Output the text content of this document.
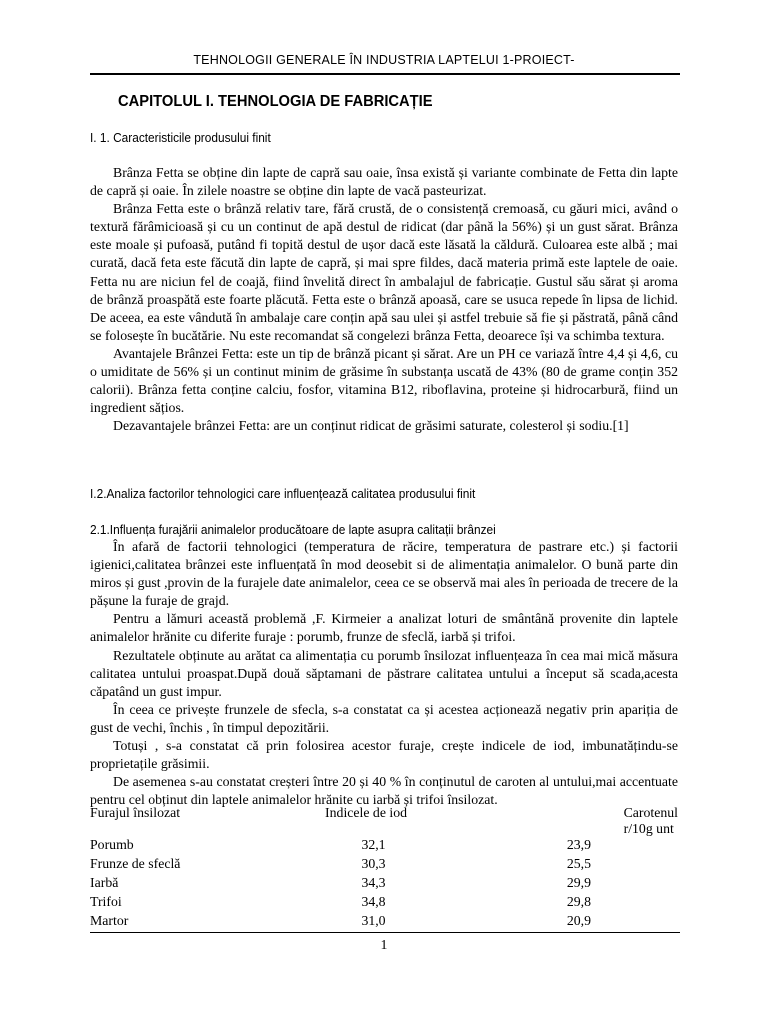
TEHNOLOGII GENERALE ÎN INDUSTRIA LAPTELUI 1-PROIECT-
CAPITOLUL I. TEHNOLOGIA DE FABRICAȚIE
I. 1. Caracteristicile produsului finit

Brânza Fetta se obține din lapte de capră sau oaie, însa există și variante combinate de Fetta din lapte de capră și oaie. În zilele noastre se obține din lapte de vacă pasteurizat.

Brânza Fetta este o brânză relativ tare, fără crustă, de o consistență cremoasă, cu găuri mici, având o textură fărâmicioasă și cu un continut de apă destul de ridicat (dar până la 56%) și un gust sărat. Brânza este moale și pufoasă, putând fi topită destul de ușor dacă este lăsată la căldură. Culoarea este albă ; mai curată, dacă feta este făcută din lapte de capră, și mai spre fildes, dacă materia primă este laptele de oaie. Fetta nu are niciun fel de coajă, fiind învelită direct în ambalajul de fabricație. Gustul său sărat și aroma de brânză proaspătă este foarte plăcută. Fetta este o brânză apoasă, care se usuca repede în lipsa de lichid. De aceea, ea este vândută în ambalaje care conțin apă sau ulei și astfel trebuie să fie și păstrată, până când se folosește în bucătărie. Nu este recomandat să congelezi brânza Fetta, deoarece își va schimba textura.

Avantajele Brânzei Fetta: este un tip de brânză picant și sărat. Are un PH ce variază între 4,4 și 4,6, cu o umiditate de 56% și un continut minim de grăsime în substanța uscată de 43% (80 de grame conțin 352 calorii). Brânza fetta conține calciu, fosfor, vitamina B12, riboflavina, proteine și hidrocarbură, fiind un ingredient sățios.

Dezavantajele brânzei Fetta: are un conținut ridicat de grăsimi saturate, colesterol și sodiu.[1]

I.2.Analiza factorilor tehnologici care influențează calitatea produsului finit
2.1.Influența furajării animalelor producătoare de lapte asupra calitații brânzei

În afară de factorii tehnologici (temperatura de răcire, temperatura de pastrare etc.) și factorii igienici,calitatea brânzei este influențată în mod deosebit si de alimentația animalelor. O bună parte din miros și gust ,provin de la furajele date animalelor, ceea ce se observă mai ales în perioada de trecere de la pășune la furaje de grajd.

Pentru a lămuri această problemă ,F. Kirmeier a analizat loturi de smântână provenite din laptele animalelor hrănite cu diferite furaje : porumb, frunze de sfeclă, iarbă și trifoi.

Rezultatele obținute au arătat ca alimentația cu porumb însilozat influențeaza în cea mai mică măsura calitatea untului proaspat.După două săptamani de păstrare calitatea untului a început să scada,acesta căpatând un gust impur.

În ceea ce privește frunzele de sfecla, s-a constatat ca și acestea acționează negativ prin apariția de gust de vechi, închis , în timpul depozitării.

Totuși , s-a constatat că prin folosirea acestor furaje, crește indicele de iod, imbunatățindu-se proprietațile grăsimii.

De asemenea s-au constatat creșteri între 20 și 40 % în conținutul de caroten al untului,mai accentuate pentru cel obținut din laptele animalelor hrănite cu iarbă și trifoi însilozat.

Furajul însilozat	Indicele de iod	Carotenul r/10g unt
Porumb	32,1	23,9
Frunze de sfeclă	30,3	25,5
Iarbă	34,3	29,9
Trifoi	34,8	29,8
Martor	31,0	20,9
1
